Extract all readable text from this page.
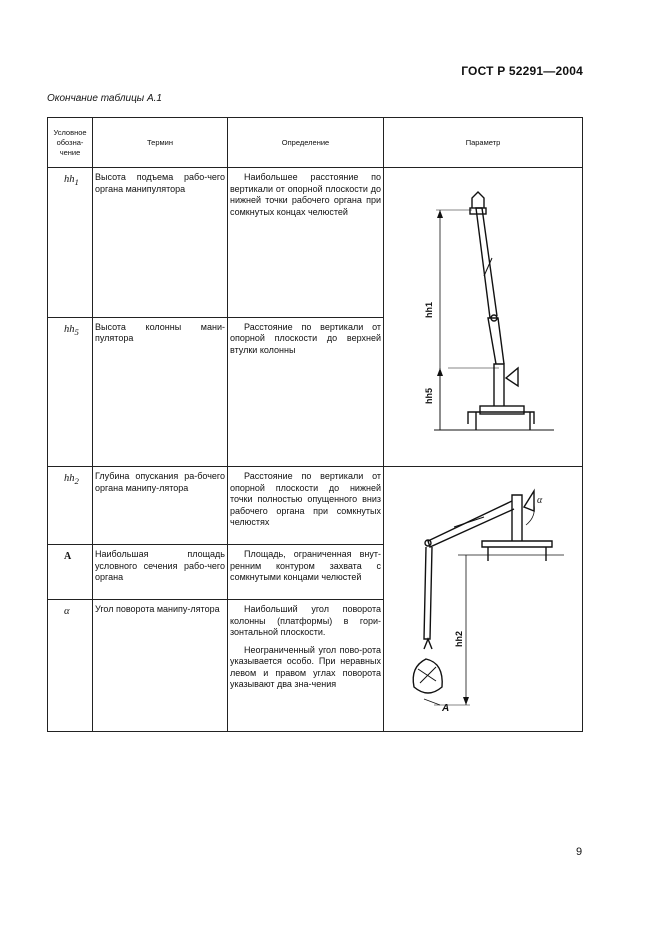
ГОСТ Р 52291—2004
Окончание таблицы А.1
Условное обозна-чение	Термин	Определение	Параметр
$hh_1$	Высота подъема рабо-чего органа манипулятора	Наибольшее расстояние по вертикали от опорной плоскости до нижней точки рабочего органа при сомкнутых концах челюстей	hh1
hh5

$hh_5$	Высота колонны мани-пулятора	Расстояние по вертикали от опорной плоскости до верхней втулки колонны	

$hh_2$	Глубина опускания ра-бочего органа манипу-лятора	Расстояние по вертикали от опорной плоскости до нижней точки полностью опущенного вниз рабочего органа при сомкнутых челюстях	α
hh2
A

A	Наибольшая площадь условного сечения рабо-чего органа	Площадь, ограниченная внут-ренним контуром захвата с сомкнутыми концами челюстей	

α	Угол поворота манипу-лятора	Наибольший угол поворота колонны (платформы) в гори-зонтальной плоскости.

Неограниченный угол пово-рота указывается особо. При неравных левом и правом углах поворота указывают два зна-чения	

9
